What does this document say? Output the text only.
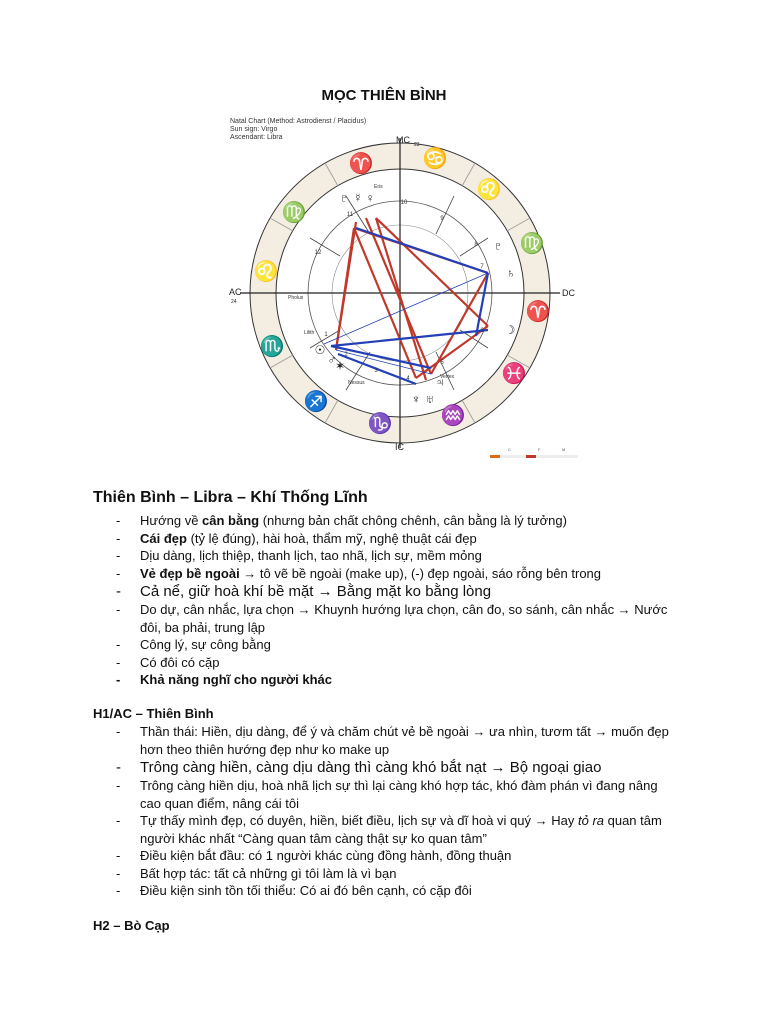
MỌC THIÊN BÌNH
Natal Chart (Method: Astrodienst / Placidus)
Sun sign: Virgo
Ascendant: Libra
♋
♌
♍
♈
♓
♒
♑
♐
♏
♌
♍
♈
☿ ♀
♇
♇
♄
☽
☉
♂
✶
♆ ♅
♃
Eris
Pholus
Lilith
Nessus
Vertex
1
2
3
4
5
6
7
8
9
10
11
12
MC 23
AC
24
DC
IC	C	F	M
Thiên Bình – Libra – Khí Thống Lĩnh
- Hướng về cân bằng (nhưng bản chất chông chênh, cân bằng là lý tưởng)
- Cái đẹp (tỷ lệ đúng), hài hoà, thẩm mỹ, nghệ thuật cái đẹp
- Dịu dàng, lịch thiệp, thanh lịch, tao nhã, lịch sự, mềm mỏng
- Vẻ đẹp bề ngoài → tô vẽ bề ngoài (make up), (-) đẹp ngoài, sáo rỗng bên trong
- Cả nể, giữ hoà khí bề mặt → Bằng mặt ko bằng lòng
- Do dự, cân nhắc, lựa chọn → Khuynh hướng lựa chọn, cân đo, so sánh, cân nhắc → Nước đôi, ba phải, trung lập
- Công lý, sự công bằng
- Có đôi có cặp
- Khả năng nghĩ cho người khác
H1/AC – Thiên Bình
- Thần thái: Hiền, dịu dàng, để ý và chăm chút vẻ bề ngoài → ưa nhìn, tươm tất → muốn đẹp hơn theo thiên hướng đẹp như ko make up
- Trông càng hiền, càng dịu dàng thì càng khó bắt nạt → Bộ ngoại giao
- Trông càng hiền dịu, hoà nhã lịch sự thì lại càng khó hợp tác, khó đàm phán vì đang nâng cao quan điểm, nâng cái tôi
- Tự thấy mình đẹp, có duyên, hiền, biết điều, lịch sự và dĩ hoà vi quý → Hay tỏ ra quan tâm người khác nhất “Càng quan tâm càng thật sự ko quan tâm”
- Điều kiện bắt đầu: có 1 người khác cùng đồng hành, đồng thuận
- Bất hợp tác: tất cả những gì tôi làm là vì bạn
- Điều kiện sinh tồn tối thiểu: Có ai đó bên cạnh, có cặp đôi
H2 – Bò Cạp
